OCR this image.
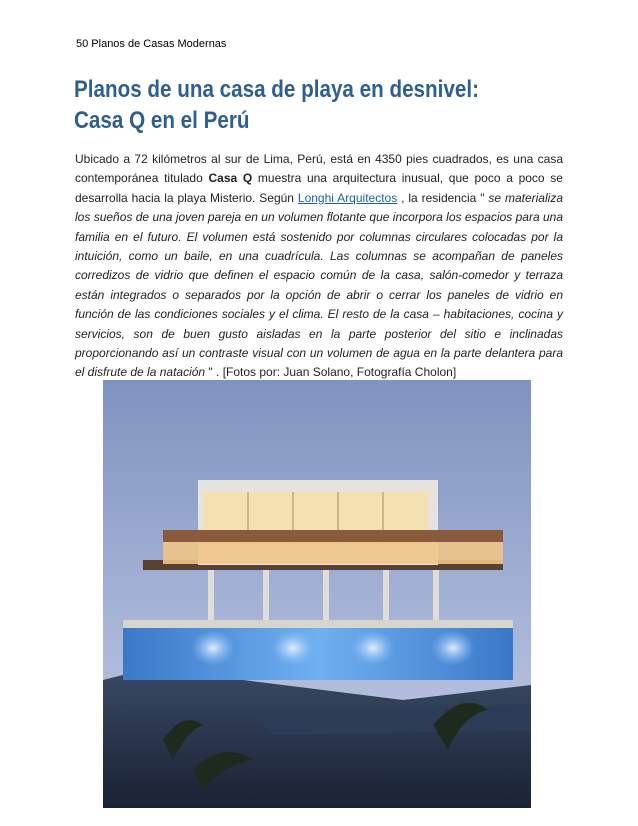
50 Planos de Casas Modernas
Planos de una casa de playa en desnivel: Casa Q en el Perú

Ubicado a 72 kilómetros al sur de Lima, Perú, está en 4350 pies cuadrados, es una casa contemporánea titulado Casa Q muestra una arquitectura inusual, que poco a poco se desarrolla hacia la playa Misterio. Según Longhi Arquitectos , la residencia " se materializa los sueños de una joven pareja en un volumen flotante que incorpora los espacios para una familia en el futuro. El volumen está sostenido por columnas circulares colocadas por la intuición, como un baile, en una cuadrícula. Las columnas se acompañan de paneles corredizos de vidrio que definen el espacio común de la casa, salón-comedor y terraza están integrados o separados por la opción de abrir o cerrar los paneles de vidrio en función de las condiciones sociales y el clima. El resto de la casa – habitaciones, cocina y servicios, son de buen gusto aisladas en la parte posterior del sitio e inclinadas proporcionando así un contraste visual con un volumen de agua en la parte delantera para el disfrute de la natación " . [Fotos por: Juan Solano, Fotografía Cholon]
